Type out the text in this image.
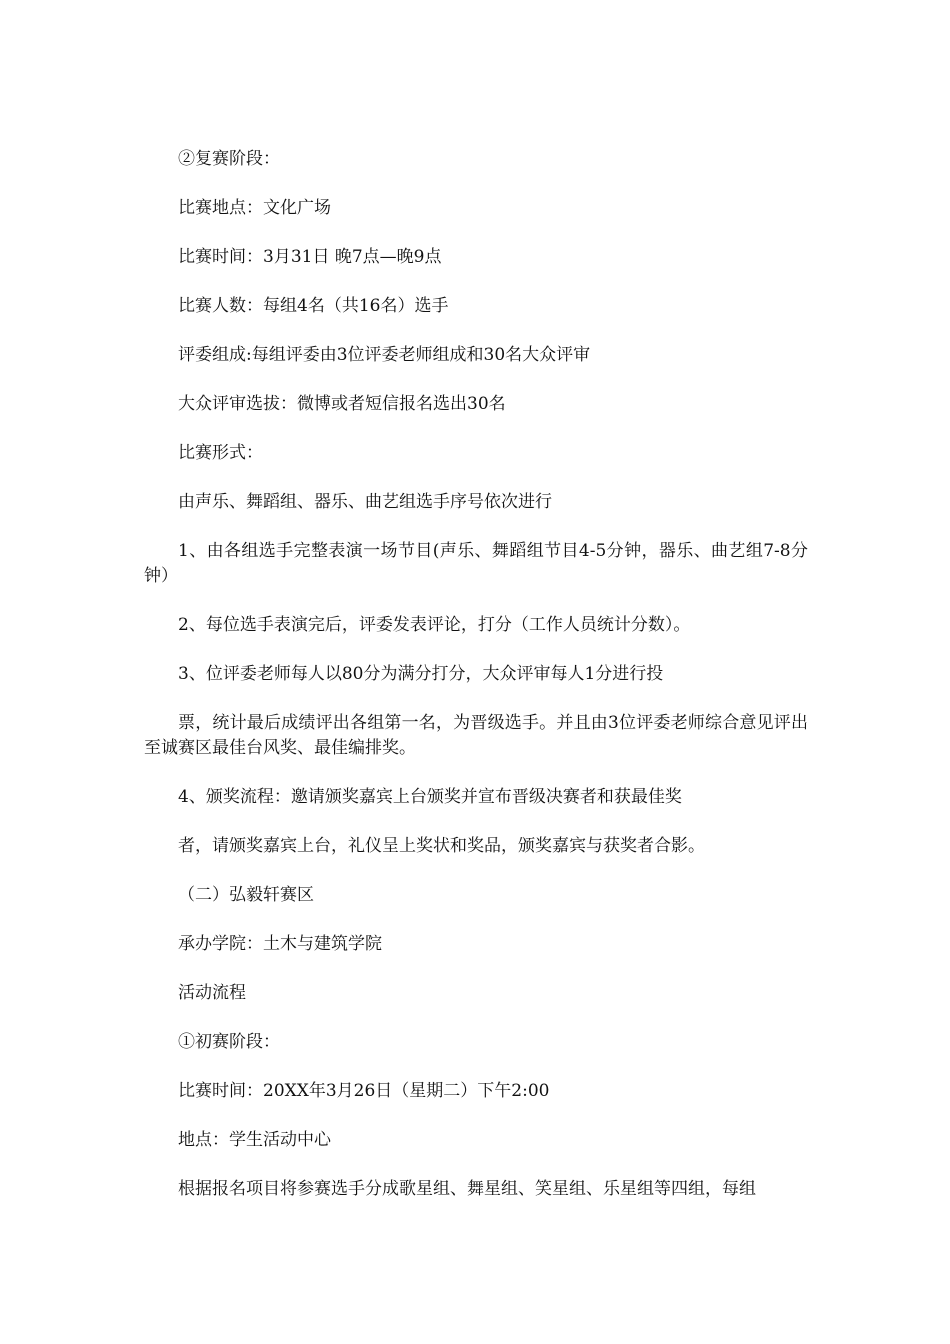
②复赛阶段：

比赛地点：文化广场

比赛时间：3月31日 晚7点—晚9点

比赛人数：每组4名（共16名）选手

评委组成:每组评委由3位评委老师组成和30名大众评审

大众评审选拔：微博或者短信报名选出30名

比赛形式：

由声乐、舞蹈组、器乐、曲艺组选手序号依次进行

1、由各组选手完整表演一场节目(声乐、舞蹈组节目4-5分钟，器乐、曲艺组7-8分钟）

2、每位选手表演完后，评委发表评论，打分（工作人员统计分数）。

3、位评委老师每人以80分为满分打分，大众评审每人1分进行投

票，统计最后成绩评出各组第一名，为晋级选手。并且由3位评委老师综合意见评出至诚赛区最佳台风奖、最佳编排奖。

4、颁奖流程：邀请颁奖嘉宾上台颁奖并宣布晋级决赛者和获最佳奖

者，请颁奖嘉宾上台，礼仪呈上奖状和奖品，颁奖嘉宾与获奖者合影。

（二）弘毅轩赛区

承办学院：土木与建筑学院

活动流程

①初赛阶段：

比赛时间：20XX年3月26日（星期二）下午2:00

地点：学生活动中心

根据报名项目将参赛选手分成歌星组、舞星组、笑星组、乐星组等四组，每组
